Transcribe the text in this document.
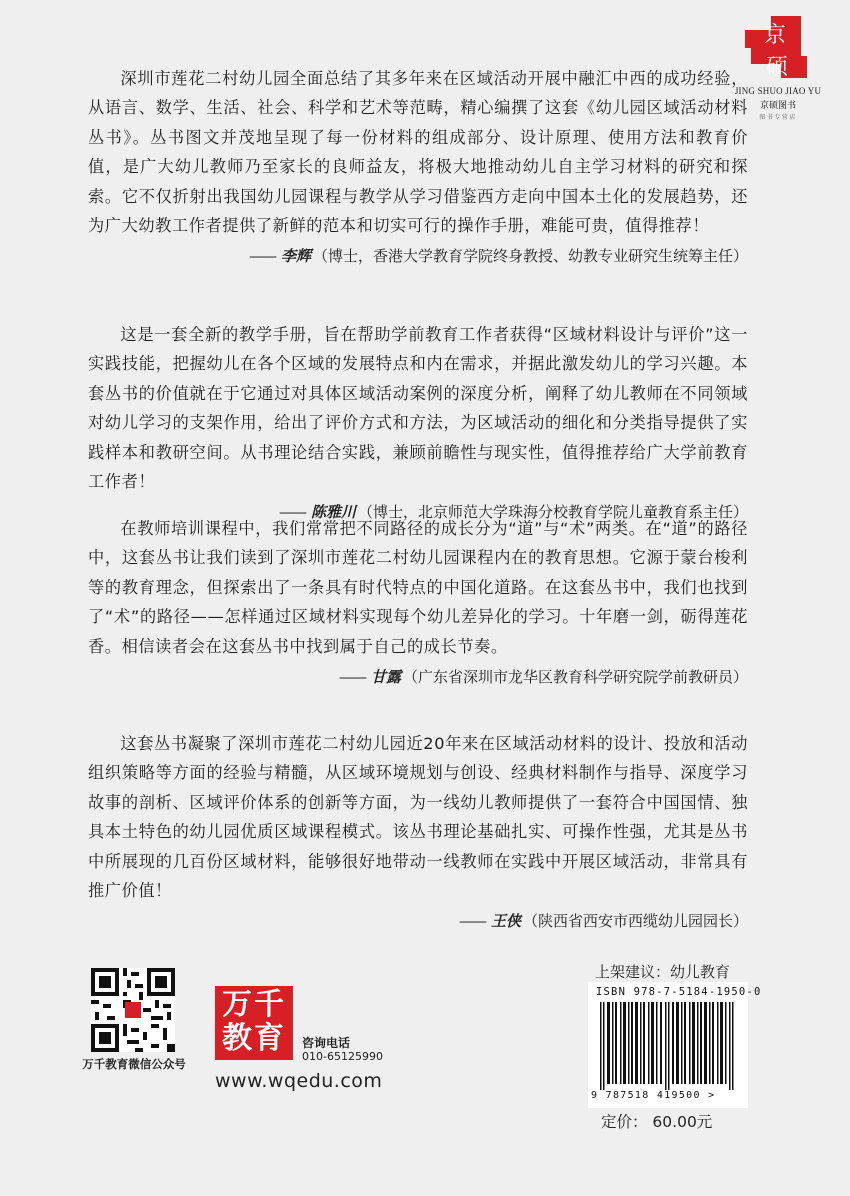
京
硕
JING SHUO JIAO YU
京硕图书
图书专营店

深圳市莲花二村幼儿园全面总结了其多年来在区域活动开展中融汇中西的成功经验，从语言、数学、生活、社会、科学和艺术等范畴，精心编撰了这套《幼儿园区域活动材料丛书》。丛书图文并茂地呈现了每一份材料的组成部分、设计原理、使用方法和教育价值，是广大幼儿教师乃至家长的良师益友，将极大地推动幼儿自主学习材料的研究和探索。它不仅折射出我国幼儿园课程与教学从学习借鉴西方走向中国本土化的发展趋势，还为广大幼教工作者提供了新鲜的范本和切实可行的操作手册，难能可贵，值得推荐！

—— 李辉 （博士，香港大学教育学院终身教授、幼教专业研究生统筹主任）

这是一套全新的教学手册，旨在帮助学前教育工作者获得“区域材料设计与评价”这一实践技能，把握幼儿在各个区域的发展特点和内在需求，并据此激发幼儿的学习兴趣。本套丛书的价值就在于它通过对具体区域活动案例的深度分析，阐释了幼儿教师在不同领域对幼儿学习的支架作用，给出了评价方式和方法，为区域活动的细化和分类指导提供了实践样本和教研空间。从书理论结合实践，兼顾前瞻性与现实性，值得推荐给广大学前教育工作者！

—— 陈雅川 （博士，北京师范大学珠海分校教育学院儿童教育系主任）

在教师培训课程中，我们常常把不同路径的成长分为“道”与“术”两类。在“道”的路径中，这套丛书让我们读到了深圳市莲花二村幼儿园课程内在的教育思想。它源于蒙台梭利等的教育理念，但探索出了一条具有时代特点的中国化道路。在这套丛书中，我们也找到了“术”的路径——怎样通过区域材料实现每个幼儿差异化的学习。十年磨一剑，砺得莲花香。相信读者会在这套丛书中找到属于自己的成长节奏。

—— 甘露 （广东省深圳市龙华区教育科学研究院学前教研员）

这套丛书凝聚了深圳市莲花二村幼儿园近20年来在区域活动材料的设计、投放和活动组织策略等方面的经验与精髓，从区域环境规划与创设、经典材料制作与指导、深度学习故事的剖析、区域评价体系的创新等方面，为一线幼儿教师提供了一套符合中国国情、独具本土特色的幼儿园优质区域课程模式。该丛书理论基础扎实、可操作性强，尤其是丛书中所展现的几百份区域材料，能够很好地带动一线教师在实践中开展区域活动，非常具有推广价值！

—— 王侠 （陕西省西安市西缆幼儿园园长）
万千教育微信公众号
万千
教育	咨询电话
010-65125990
www.wqedu.com
上架建议：幼儿教育
ISBN 978-7-5184-1950-0
9 787518 419500 >
定价： 60.00元
